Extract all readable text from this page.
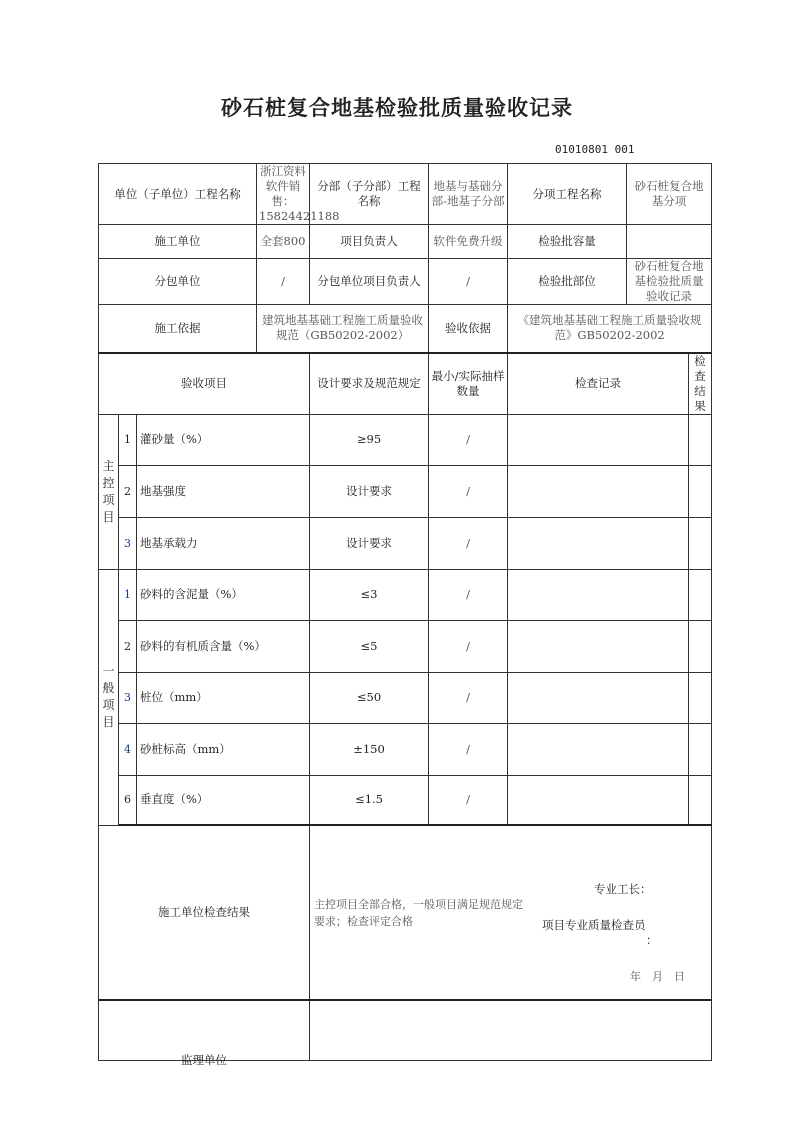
砂石桩复合地基检验批质量验收记录
01010801 001
单位（子单位）工程名称			浙江资料软件销售：15824421188	分部（子分部）工程名称	地基与基础分部-地基子分部	分项工程名称	砂石桩复合地基分项	
施工单位			全套800	项目负责人	软件免费升级	检验批容量		
分包单位			/	分包单位项目负责人	/	检验批部位	砂石桩复合地基检验批质量验收记录	
施工依据			建筑地基基础工程施工质量验收规范（GB50202-2002）		验收依据	《建筑地基基础工程施工质量验收规范》GB50202-2002		
验收项目				设计要求及规范规定	最小/实际抽样数量	检查记录		检查结果
主控项目	1	灌砂量（%）		≥95	/			
	2	地基强度		设计要求	/			
	3	地基承载力		设计要求	/			
一般项目	1	砂料的含泥量（%）		≤3	/			
	2	砂料的有机质含量（%）		≤5	/			
	3	桩位（mm）		≤50	/			
	4	砂桩标高（mm）		±150	/			
	6	垂直度（%）		≤1.5	/			
施工单位检查结果				主控项目全部合格，一般项目满足规范规定要求；检查评定合格
专业工长：
项目专业质量检查员
：
年　月　日				

监理单位								
